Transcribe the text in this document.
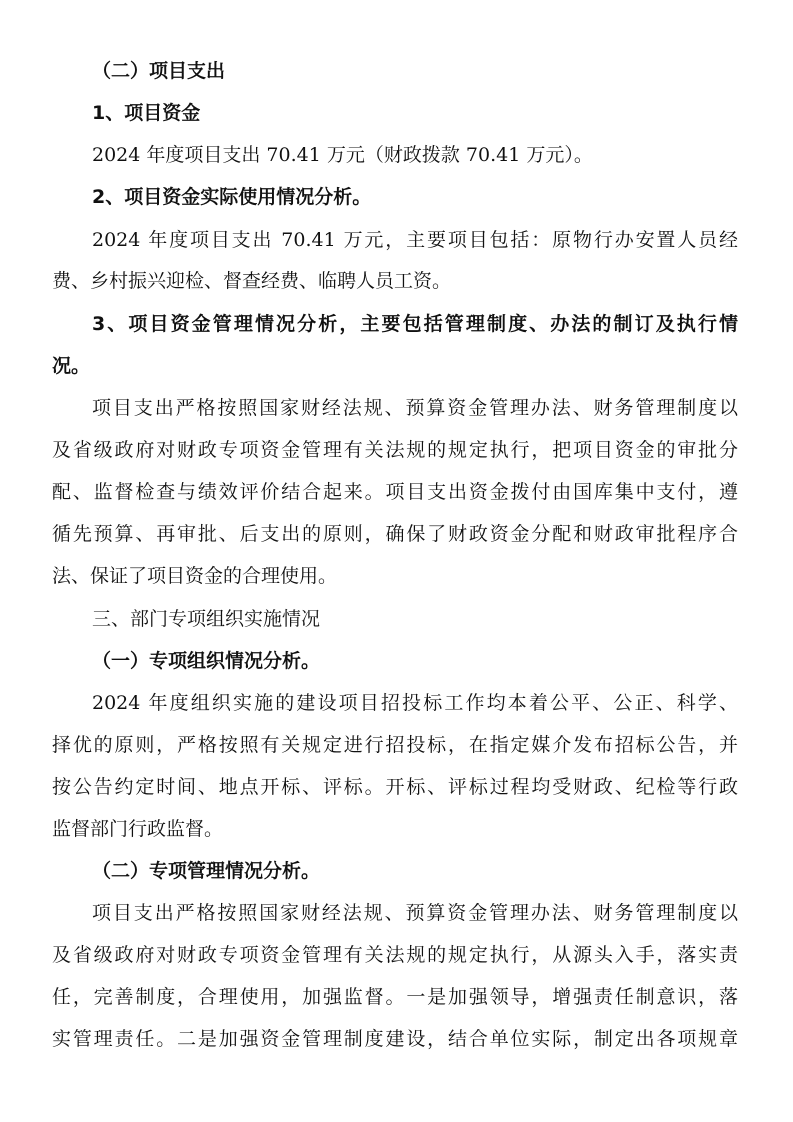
（二）项目支出
1、项目资金
2024 年度项目支出 70.41 万元（财政拨款 70.41 万元）。
2、项目资金实际使用情况分析。
2024 年度项目支出 70.41 万元，主要项目包括：原物行办安置人员经
费、乡村振兴迎检、督查经费、临聘人员工资。
3、项目资金管理情况分析，主要包括管理制度、办法的制订及执行情
况。
项目支出严格按照国家财经法规、预算资金管理办法、财务管理制度以
及省级政府对财政专项资金管理有关法规的规定执行，把项目资金的审批分
配、监督检查与绩效评价结合起来。项目支出资金拨付由国库集中支付，遵
循先预算、再审批、后支出的原则，确保了财政资金分配和财政审批程序合
法、保证了项目资金的合理使用。
三、部门专项组织实施情况
（一）专项组织情况分析。
2024 年度组织实施的建设项目招投标工作均本着公平、公正、科学、
择优的原则，严格按照有关规定进行招投标，在指定媒介发布招标公告，并
按公告约定时间、地点开标、评标。开标、评标过程均受财政、纪检等行政
监督部门行政监督。
（二）专项管理情况分析。
项目支出严格按照国家财经法规、预算资金管理办法、财务管理制度以
及省级政府对财政专项资金管理有关法规的规定执行，从源头入手，落实责
任，完善制度，合理使用，加强监督。一是加强领导，增强责任制意识，落
实管理责任。二是加强资金管理制度建设，结合单位实际，制定出各项规章
